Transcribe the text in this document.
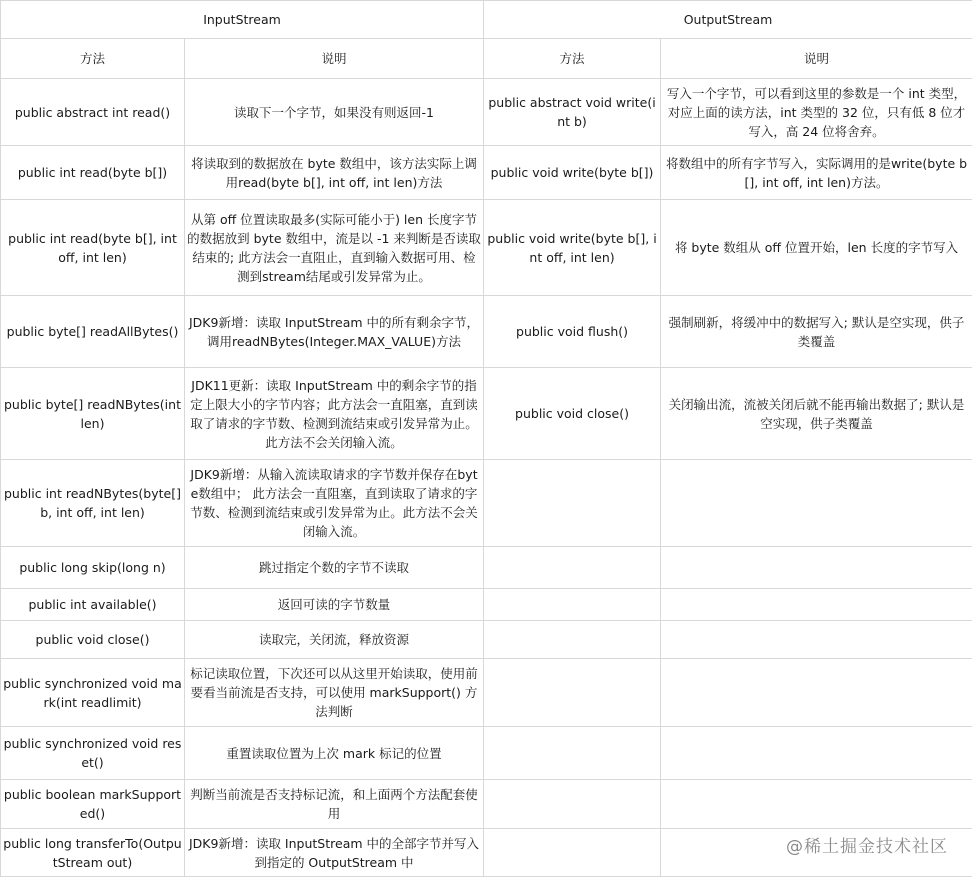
InputStream		OutputStream	
方法	说明	方法	说明
public abstract int read()	读取下一个字节，如果没有则返回-1	public abstract void write(int b)	写入一个字节，可以看到这里的参数是一个 int 类型，对应上面的读方法，int 类型的 32 位，只有低 8 位才写入，高 24 位将舍弃。
public int read(byte b[])	将读取到的数据放在 byte 数组中，该方法实际上调用read(byte b[], int off, int len)方法	public void write(byte b[])	将数组中的所有字节写入，实际调用的是write(byte b[], int off, int len)方法。
public int read(byte b[], int off, int len)	从第 off 位置读取最多(实际可能小于) len 长度字节的数据放到 byte 数组中，流是以 -1 来判断是否读取结束的; 此方法会一直阻止，直到输入数据可用、检测到stream结尾或引发异常为止。	public void write(byte b[], int off, int len)	将 byte 数组从 off 位置开始，len 长度的字节写入
public byte[] readAllBytes()	JDK9新增：读取 InputStream 中的所有剩余字节，调用readNBytes(Integer.MAX_VALUE)方法	public void flush()	强制刷新，将缓冲中的数据写入; 默认是空实现，供子类覆盖
public byte[] readNBytes(int len)	JDK11更新：读取 InputStream 中的剩余字节的指定上限大小的字节内容；此方法会一直阻塞，直到读取了请求的字节数、检测到流结束或引发异常为止。此方法不会关闭输入流。	public void close()	关闭输出流，流被关闭后就不能再输出数据了; 默认是空实现，供子类覆盖
public int readNBytes(byte[] b, int off, int len)	JDK9新增：从输入流读取请求的字节数并保存在byte数组中； 此方法会一直阻塞，直到读取了请求的字节数、检测到流结束或引发异常为止。此方法不会关闭输入流。		
public long skip(long n)	跳过指定个数的字节不读取		
public int available()	返回可读的字节数量		
public void close()	读取完，关闭流，释放资源		
public synchronized void mark(int readlimit)	标记读取位置，下次还可以从这里开始读取，使用前要看当前流是否支持，可以使用 markSupport() 方法判断		
public synchronized void reset()	重置读取位置为上次 mark 标记的位置		
public boolean markSupported()	判断当前流是否支持标记流，和上面两个方法配套使用		
public long transferTo(OutputStream out)	JDK9新增：读取 InputStream 中的全部字节并写入到指定的 OutputStream 中		
@稀土掘金技术社区
